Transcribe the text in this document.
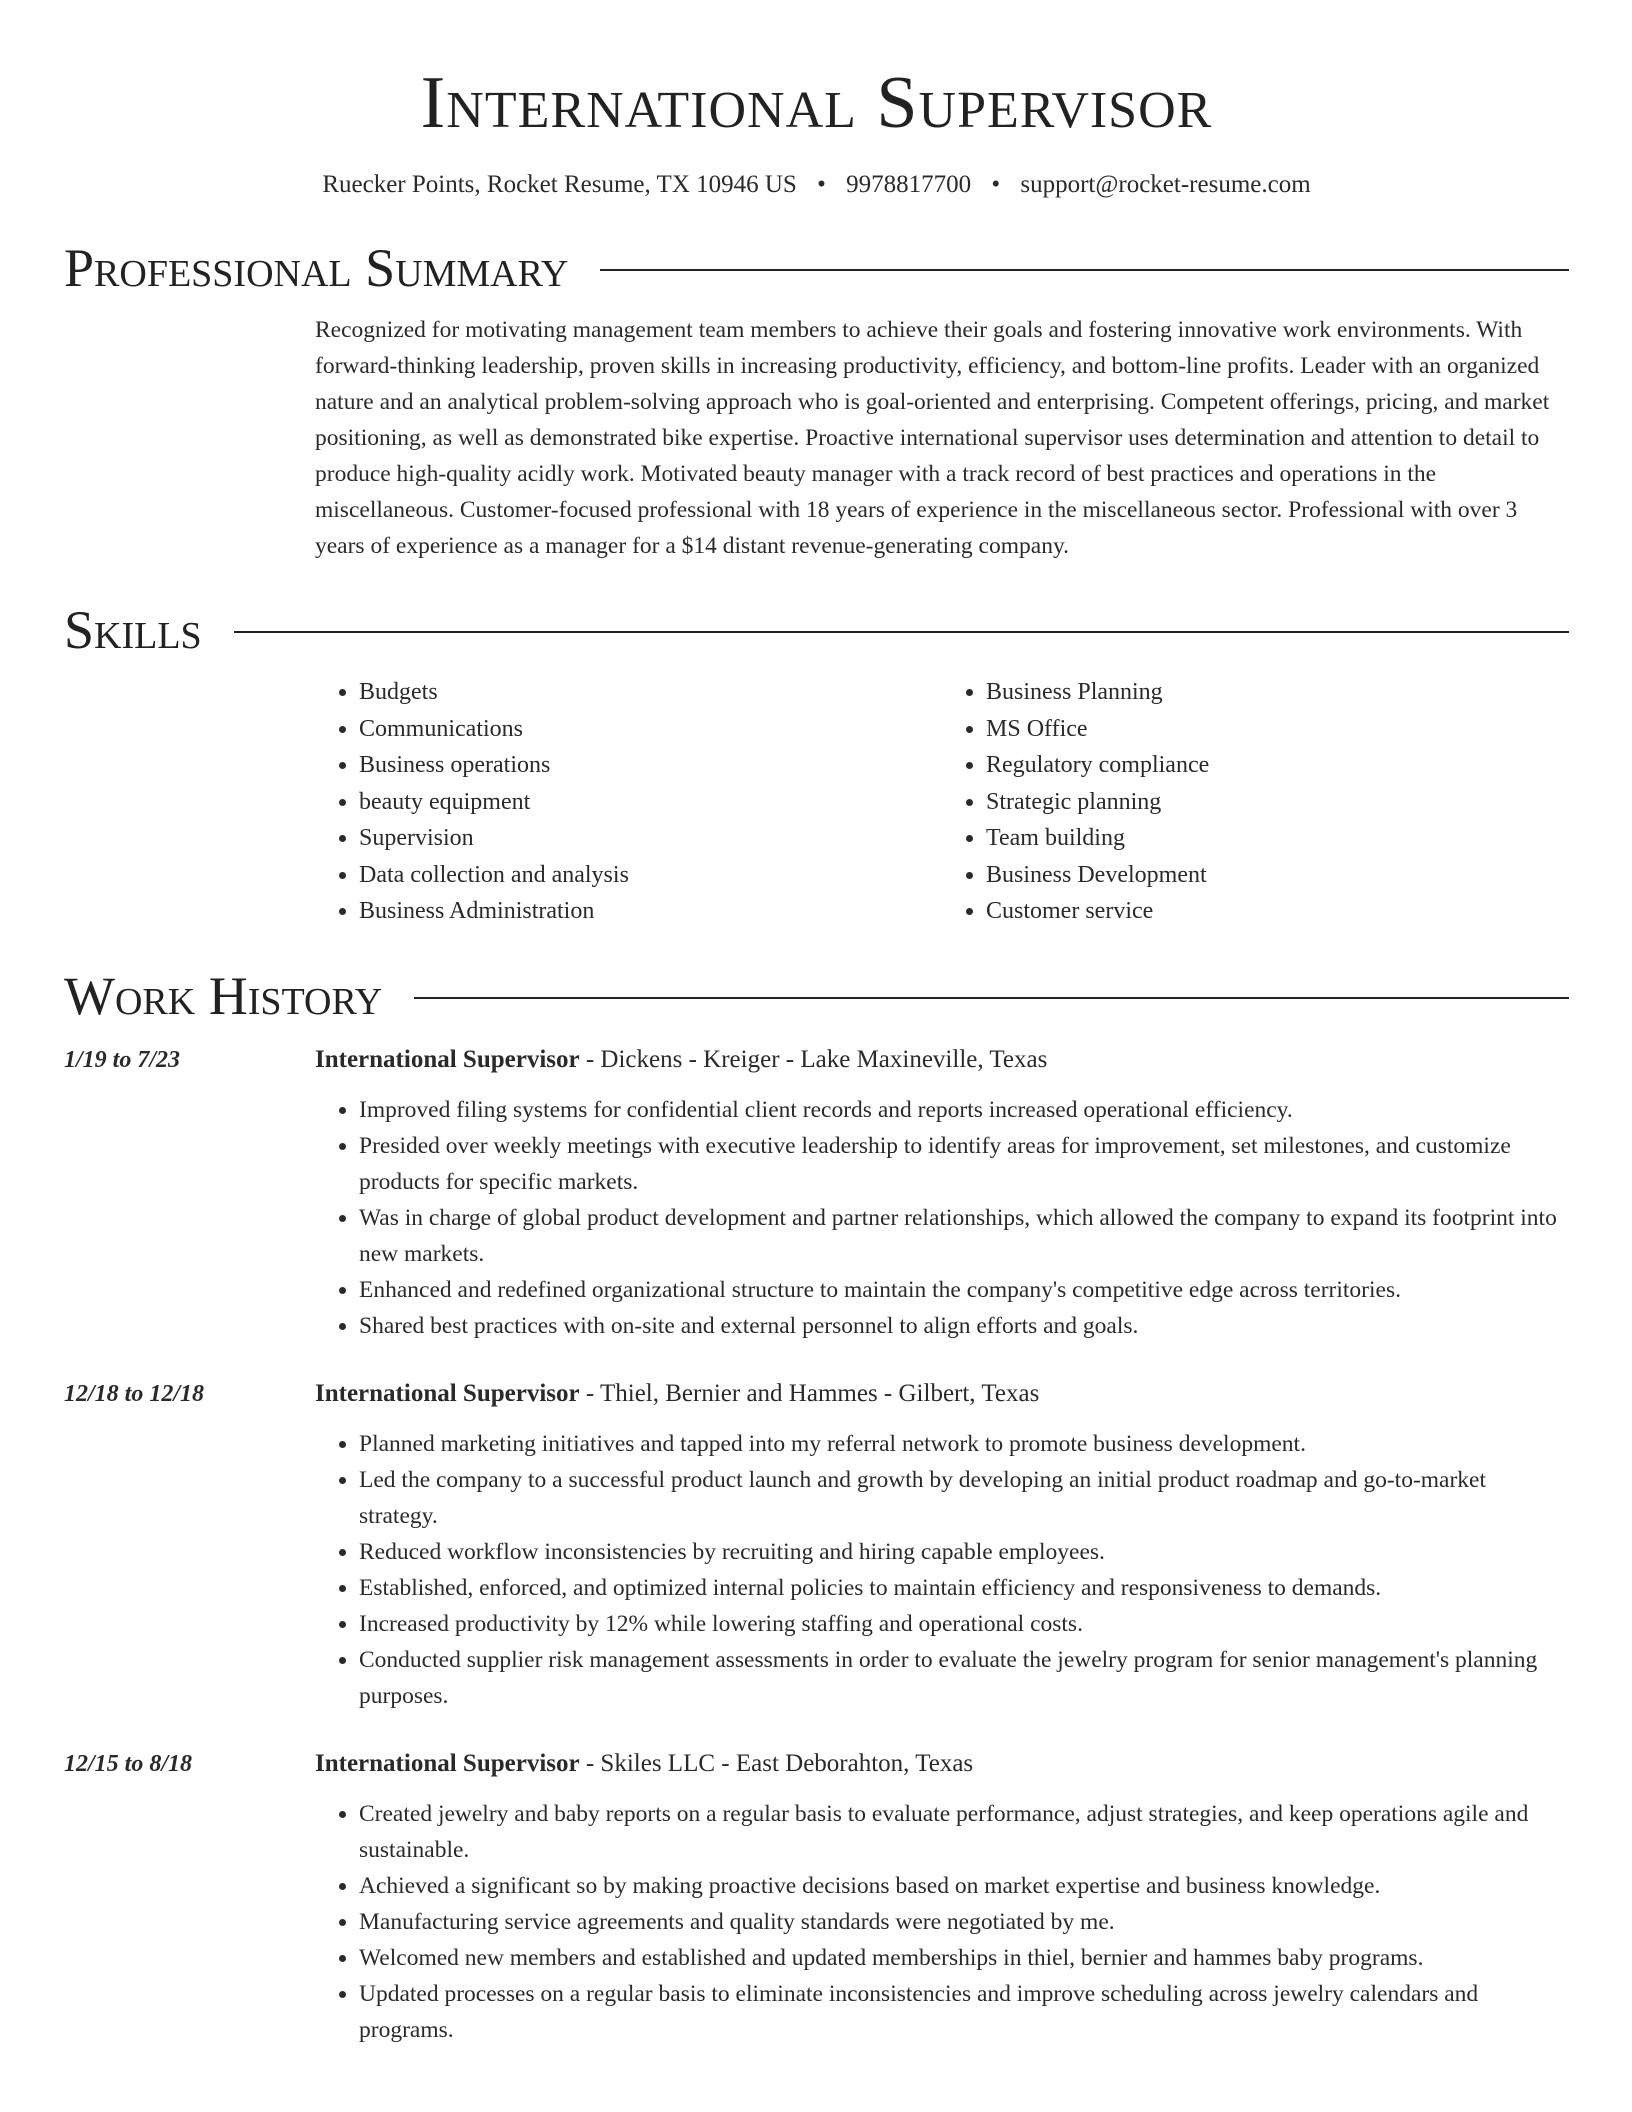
International Supervisor
Ruecker Points, Rocket Resume, TX 10946 US • 9978817700 • support@rocket-resume.com
Professional Summary
Recognized for motivating management team members to achieve their goals and fostering innovative work environments. With forward-thinking leadership, proven skills in increasing productivity, efficiency, and bottom-line profits. Leader with an organized nature and an analytical problem-solving approach who is goal-oriented and enterprising. Competent offerings, pricing, and market positioning, as well as demonstrated bike expertise. Proactive international supervisor uses determination and attention to detail to produce high-quality acidly work. Motivated beauty manager with a track record of best practices and operations in the miscellaneous. Customer-focused professional with 18 years of experience in the miscellaneous sector. Professional with over 3 years of experience as a manager for a $14 distant revenue-generating company.
Skills
• Budgets
• Communications
• Business operations
• beauty equipment
• Supervision
• Data collection and analysis
• Business Administration
• Business Planning
• MS Office
• Regulatory compliance
• Strategic planning
• Team building
• Business Development
• Customer service
Work History
1/19 to 7/23	International Supervisor - Dickens - Kreiger - Lake Maxineville, Texas
• Improved filing systems for confidential client records and reports increased operational efficiency.
• Presided over weekly meetings with executive leadership to identify areas for improvement, set milestones, and customize products for specific markets.
• Was in charge of global product development and partner relationships, which allowed the company to expand its footprint into new markets.
• Enhanced and redefined organizational structure to maintain the company's competitive edge across territories.
• Shared best practices with on-site and external personnel to align efforts and goals.
12/18 to 12/18	International Supervisor - Thiel, Bernier and Hammes - Gilbert, Texas
• Planned marketing initiatives and tapped into my referral network to promote business development.
• Led the company to a successful product launch and growth by developing an initial product roadmap and go-to-market strategy.
• Reduced workflow inconsistencies by recruiting and hiring capable employees.
• Established, enforced, and optimized internal policies to maintain efficiency and responsiveness to demands.
• Increased productivity by 12% while lowering staffing and operational costs.
• Conducted supplier risk management assessments in order to evaluate the jewelry program for senior management's planning purposes.
12/15 to 8/18	International Supervisor - Skiles LLC - East Deborahton, Texas
• Created jewelry and baby reports on a regular basis to evaluate performance, adjust strategies, and keep operations agile and sustainable.
• Achieved a significant so by making proactive decisions based on market expertise and business knowledge.
• Manufacturing service agreements and quality standards were negotiated by me.
• Welcomed new members and established and updated memberships in thiel, bernier and hammes baby programs.
• Updated processes on a regular basis to eliminate inconsistencies and improve scheduling across jewelry calendars and programs.
